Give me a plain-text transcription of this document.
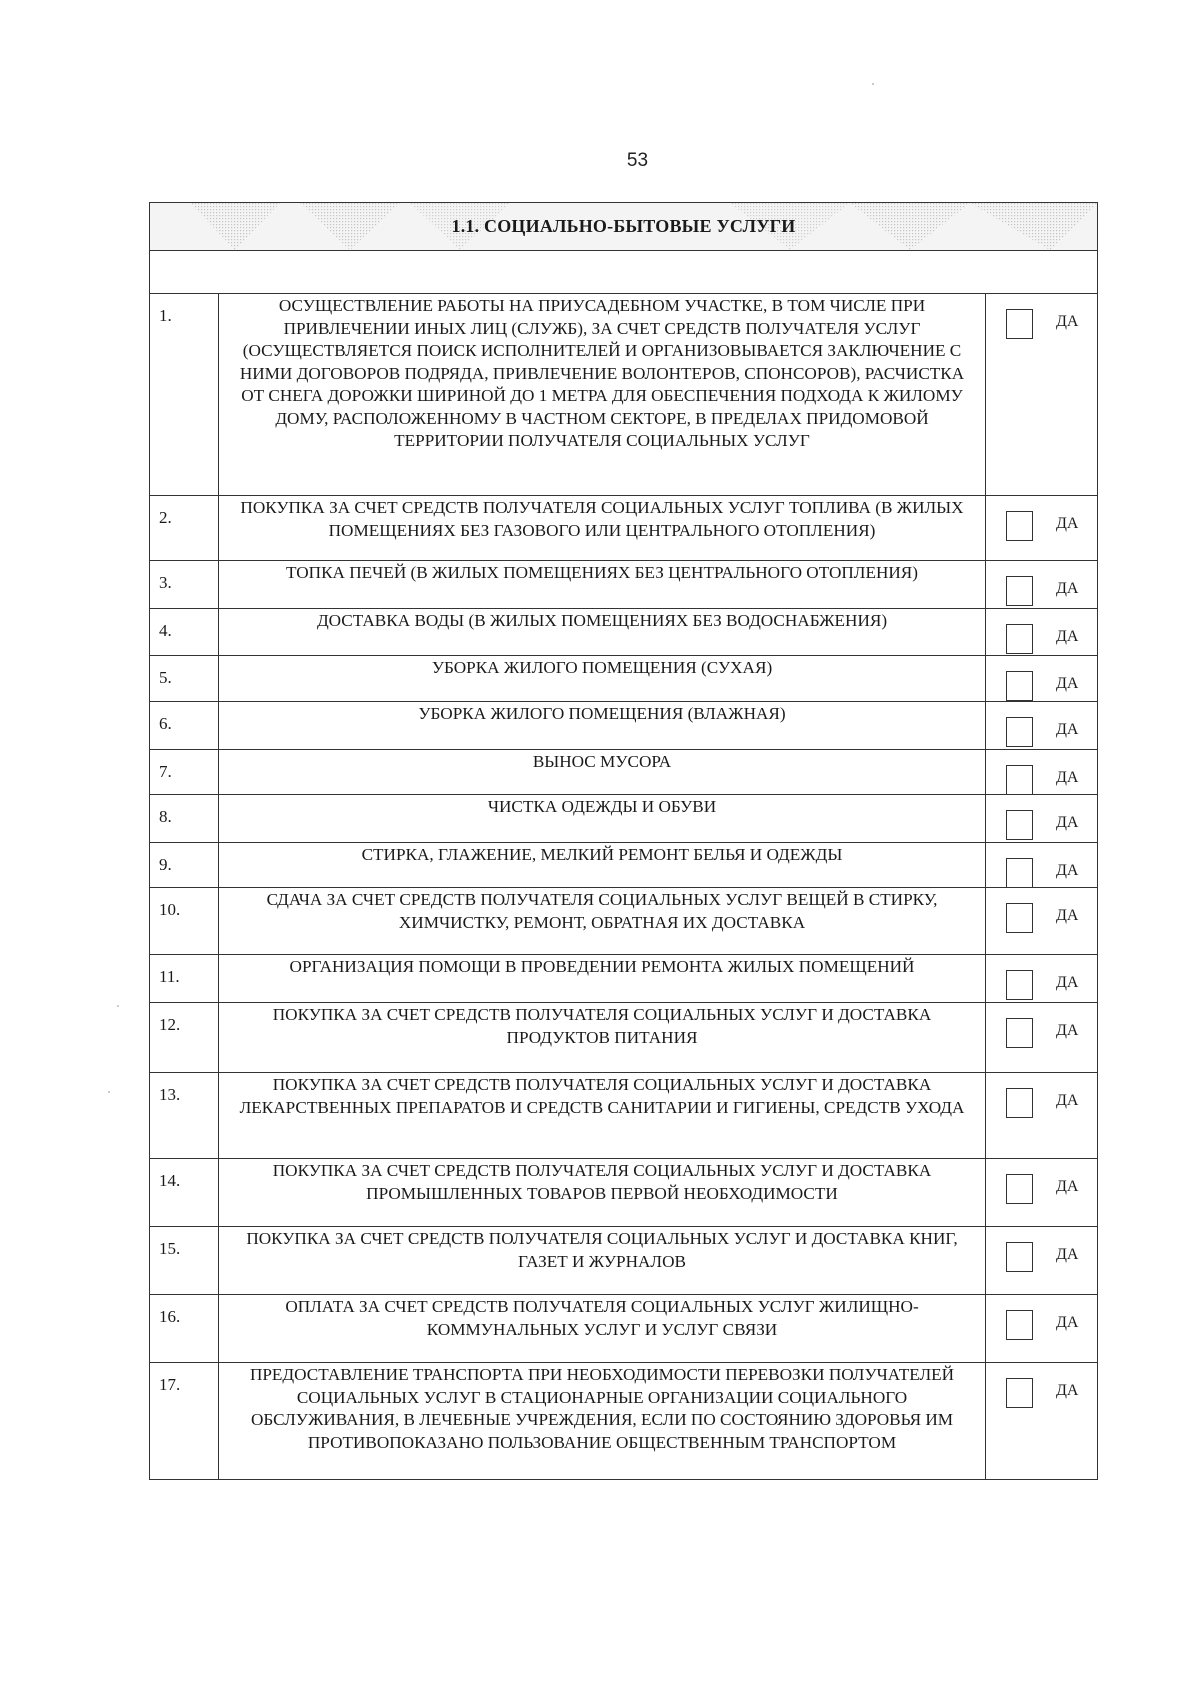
53
1.1. СОЦИАЛЬНО-БЫТОВЫЕ УСЛУГИ		

1.	ОСУЩЕСТВЛЕНИЕ РАБОТЫ НА ПРИУСАДЕБНОМ УЧАСТКЕ, В ТОМ ЧИСЛЕ ПРИ ПРИВЛЕЧЕНИИ ИНЫХ ЛИЦ (СЛУЖБ), ЗА СЧЕТ СРЕДСТВ ПОЛУЧАТЕЛЯ УСЛУГ (ОСУЩЕСТВЛЯЕТСЯ ПОИСК ИСПОЛНИТЕЛЕЙ И ОРГАНИЗОВЫВАЕТСЯ ЗАКЛЮЧЕНИЕ С НИМИ ДОГОВОРОВ ПОДРЯДА, ПРИВЛЕЧЕНИЕ ВОЛОНТЕРОВ, СПОНСОРОВ), РАСЧИСТКА ОТ СНЕГА ДОРОЖКИ ШИРИНОЙ ДО 1 МЕТРА ДЛЯ ОБЕСПЕЧЕНИЯ ПОДХОДА К ЖИЛОМУ ДОМУ, РАСПОЛОЖЕННОМУ В ЧАСТНОМ СЕКТОРЕ, В ПРЕДЕЛАХ ПРИДОМОВОЙ ТЕРРИТОРИИ ПОЛУЧАТЕЛЯ СОЦИАЛЬНЫХ УСЛУГ	ДА

2.	ПОКУПКА ЗА СЧЕТ СРЕДСТВ ПОЛУЧАТЕЛЯ СОЦИАЛЬНЫХ УСЛУГ ТОПЛИВА (В ЖИЛЫХ ПОМЕЩЕНИЯХ БЕЗ ГАЗОВОГО ИЛИ ЦЕНТРАЛЬНОГО ОТОПЛЕНИЯ)	ДА

3.	ТОПКА ПЕЧЕЙ (В ЖИЛЫХ ПОМЕЩЕНИЯХ БЕЗ ЦЕНТРАЛЬНОГО ОТОПЛЕНИЯ)	ДА

4.	ДОСТАВКА ВОДЫ (В ЖИЛЫХ ПОМЕЩЕНИЯХ БЕЗ ВОДОСНАБЖЕНИЯ)	ДА

5.	УБОРКА ЖИЛОГО ПОМЕЩЕНИЯ (СУХАЯ)	ДА

6.	УБОРКА ЖИЛОГО ПОМЕЩЕНИЯ (ВЛАЖНАЯ)	ДА

7.	ВЫНОС МУСОРА	ДА

8.	ЧИСТКА ОДЕЖДЫ И ОБУВИ	ДА

9.	СТИРКА, ГЛАЖЕНИЕ, МЕЛКИЙ РЕМОНТ БЕЛЬЯ И ОДЕЖДЫ	ДА

10.	СДАЧА ЗА СЧЕТ СРЕДСТВ ПОЛУЧАТЕЛЯ СОЦИАЛЬНЫХ УСЛУГ ВЕЩЕЙ В СТИРКУ, ХИМЧИСТКУ, РЕМОНТ, ОБРАТНАЯ ИХ ДОСТАВКА	ДА

11.	ОРГАНИЗАЦИЯ ПОМОЩИ В ПРОВЕДЕНИИ РЕМОНТА ЖИЛЫХ ПОМЕЩЕНИЙ	ДА

12.	ПОКУПКА ЗА СЧЕТ СРЕДСТВ ПОЛУЧАТЕЛЯ СОЦИАЛЬНЫХ УСЛУГ И ДОСТАВКА ПРОДУКТОВ ПИТАНИЯ	ДА

13.	ПОКУПКА ЗА СЧЕТ СРЕДСТВ ПОЛУЧАТЕЛЯ СОЦИАЛЬНЫХ УСЛУГ И ДОСТАВКА ЛЕКАРСТВЕННЫХ ПРЕПАРАТОВ И СРЕДСТВ САНИТАРИИ И ГИГИЕНЫ, СРЕДСТВ УХОДА	ДА

14.	ПОКУПКА ЗА СЧЕТ СРЕДСТВ ПОЛУЧАТЕЛЯ СОЦИАЛЬНЫХ УСЛУГ И ДОСТАВКА ПРОМЫШЛЕННЫХ ТОВАРОВ ПЕРВОЙ НЕОБХОДИМОСТИ	ДА

15.	ПОКУПКА ЗА СЧЕТ СРЕДСТВ ПОЛУЧАТЕЛЯ СОЦИАЛЬНЫХ УСЛУГ И ДОСТАВКА КНИГ, ГАЗЕТ И ЖУРНАЛОВ	ДА

16.	ОПЛАТА ЗА СЧЕТ СРЕДСТВ ПОЛУЧАТЕЛЯ СОЦИАЛЬНЫХ УСЛУГ ЖИЛИЩНО-КОММУНАЛЬНЫХ УСЛУГ И УСЛУГ СВЯЗИ	ДА

17.	ПРЕДОСТАВЛЕНИЕ ТРАНСПОРТА ПРИ НЕОБХОДИМОСТИ ПЕРЕВОЗКИ ПОЛУЧАТЕЛЕЙ СОЦИАЛЬНЫХ УСЛУГ В СТАЦИОНАРНЫЕ ОРГАНИЗАЦИИ СОЦИАЛЬНОГО ОБСЛУЖИВАНИЯ, В ЛЕЧЕБНЫЕ УЧРЕЖДЕНИЯ, ЕСЛИ ПО СОСТОЯНИЮ ЗДОРОВЬЯ ИМ ПРОТИВОПОКАЗАНО ПОЛЬЗОВАНИЕ ОБЩЕСТВЕННЫМ ТРАНСПОРТОМ	ДА
